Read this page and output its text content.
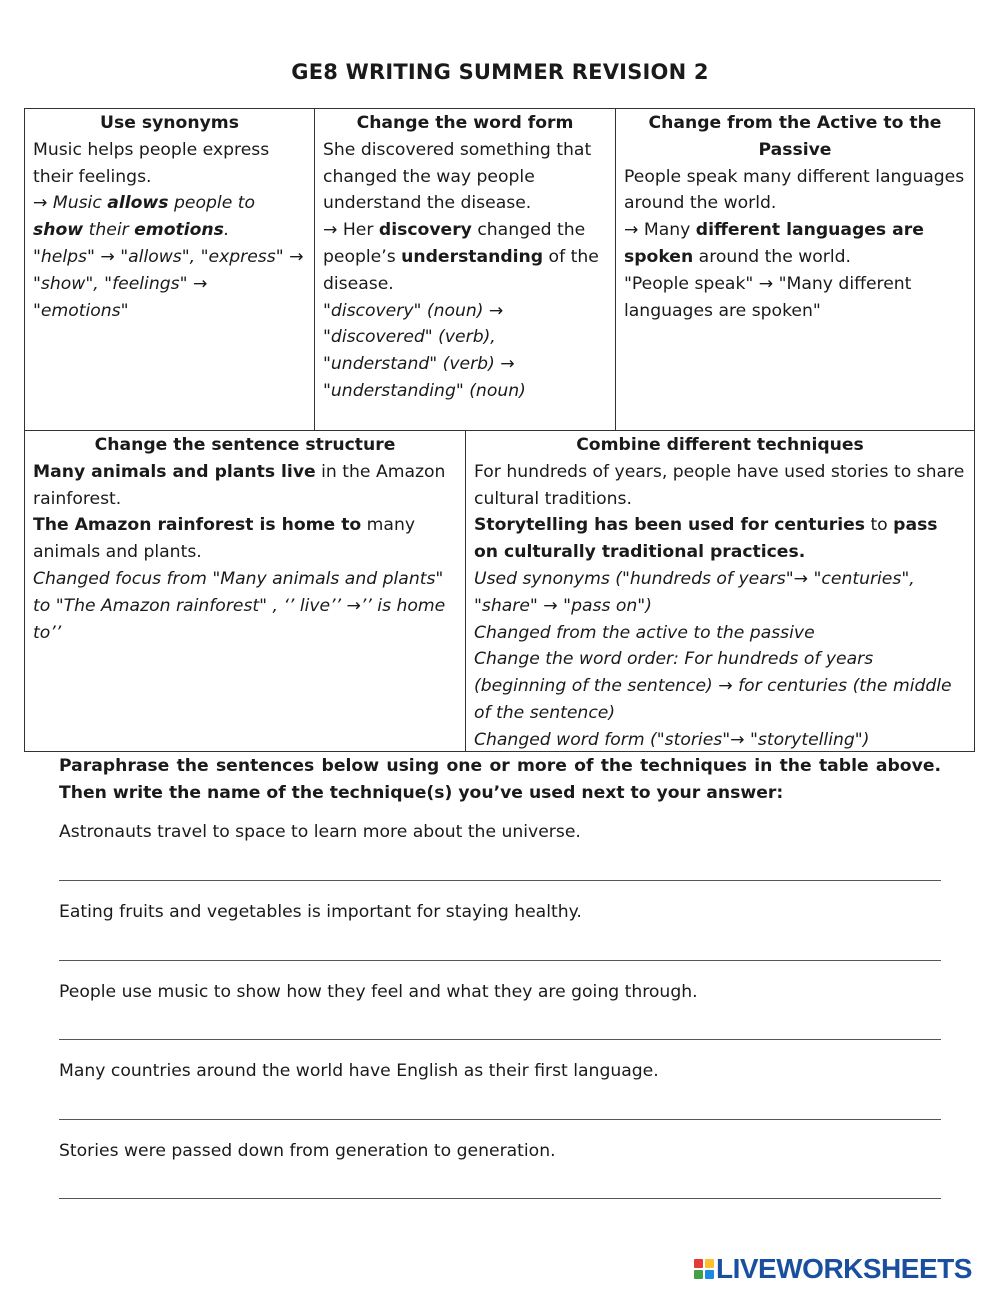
GE8 WRITING SUMMER REVISION 2

Use synonyms

Music helps people express their feelings.

→ Music allows people to show their emotions.

"helps" → "allows", "express" → "show", "feelings" → "emotions"

Change the word form

She discovered something that changed the way people understand the disease.

→ Her discovery changed the people’s understanding of the disease.

"discovery" (noun) → "discovered" (verb), "understand" (verb) → "understanding" (noun)

Change from the Active to the Passive

People speak many different languages around the world.

→ Many different languages are spoken around the world.

"People speak" → "Many different languages are spoken"

Change the sentence structure

Many animals and plants live in the Amazon rainforest.

The Amazon rainforest is home to many animals and plants.

Changed focus from "Many animals and plants" to "The Amazon rainforest" , ‘’ live’’ →’’ is home to’’

Combine different techniques

For hundreds of years, people have used stories to share cultural traditions.

Storytelling has been used for centuries to pass on culturally traditional practices.

Used synonyms ("hundreds of years"→ "centuries", "share" → "pass on")

Changed from the active to the passive

Change the word order: For hundreds of years (beginning of the sentence) → for centuries (the middle of the sentence)

Changed word form ("stories"→ "storytelling")

Paraphrase the sentences below using one or more of the techniques in the table above. Then write the name of the technique(s) you’ve used next to your answer:
Astronauts travel to space to learn more about the universe.
Eating fruits and vegetables is important for staying healthy.
People use music to show how they feel and what they are going through.
Many countries around the world have English as their first language.
Stories were passed down from generation to generation.
LIVEWORKSHEETS
